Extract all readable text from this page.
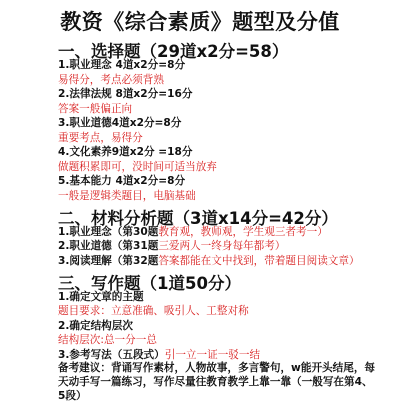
教资《综合素质》题型及分值
一、选择题（29道x2分=58）
1.职业理念 4道x2分=8分
易得分，考点必须背熟
2.法律法规 8道x2分=16分
答案一般偏正向
3.职业道德4道x2分=8分
重要考点，易得分
4.文化素养9道x2分 =18分
做题积累即可，没时间可适当放弃
5.基本能力 4道x2分=8分
一般是逻辑类题目，电脑基础
二、材料分析题（3道x14分=42分）
1.职业理念（第30题教育观，教师观，学生观三者考一）
2.职业道德（第31题三爱两人一终身每年都考）
3.阅读理解（第32题答案都能在文中找到，带着题目阅读文章）
三、写作题（1道50分）
1.确定文章的主题
题目要求：立意准确、吸引人、工整对称
2.确定结构层次
结构层次:总一分一总
3.参考写法（五段式）引一立一证一驳一结
备考建议：背诵写作素材，人物故事，多言警句，w能开头结尾，每天动手写一篇练习，写作尽量往教育教学上靠一靠（一般写在第4、5段）
